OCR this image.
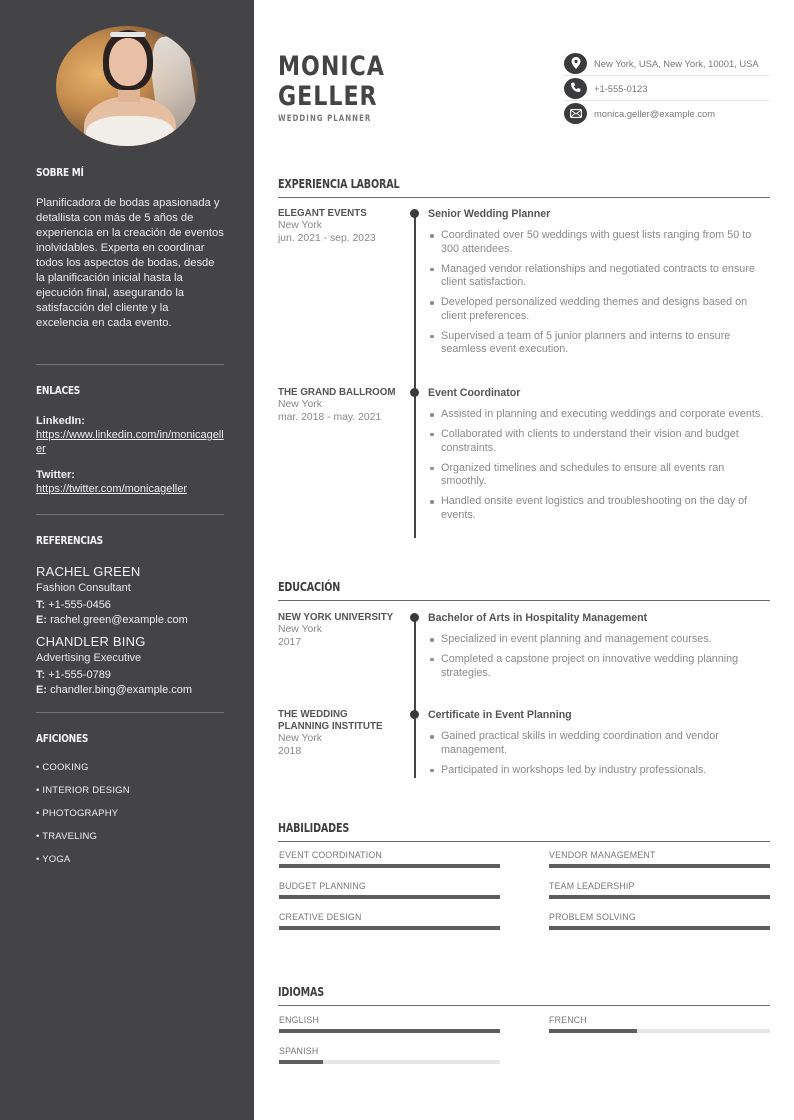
SOBRE MÍ

Planificadora de bodas apasionada y detallista con más de 5 años de experiencia en la creación de eventos inolvidables. Experta en coordinar todos los aspectos de bodas, desde la planificación inicial hasta la ejecución final, asegurando la satisfacción del cliente y la excelencia en cada evento.

ENLACES
LinkedIn:
https://www.linkedin.com/in/monicageller
Twitter:
https://twitter.com/monicageller
REFERENCIAS
RACHEL GREEN
Fashion Consultant
T: +1-555-0456
E: rachel.green@example.com
CHANDLER BING
Advertising Executive
T: +1-555-0789
E: chandler.bing@example.com
AFICIONES
• COOKING
• INTERIOR DESIGN
• PHOTOGRAPHY
• TRAVELING
• YOGA
MONICA
GELLER
WEDDING PLANNER
New York, USA, New York, 10001, USA
+1-555-0123
monica.geller@example.com
EXPERIENCIA LABORAL
ELEGANT EVENTS
New York
jun. 2021 - sep. 2023
Senior Wedding Planner
Coordinated over 50 weddings with guest lists ranging from 50 to 300 attendees.
Managed vendor relationships and negotiated contracts to ensure client satisfaction.
Developed personalized wedding themes and designs based on client preferences.
Supervised a team of 5 junior planners and interns to ensure seamless event execution.
THE GRAND BALLROOM
New York
mar. 2018 - may. 2021
Event Coordinator
Assisted in planning and executing weddings and corporate events.
Collaborated with clients to understand their vision and budget constraints.
Organized timelines and schedules to ensure all events ran smoothly.
Handled onsite event logistics and troubleshooting on the day of events.
EDUCACIÓN
NEW YORK UNIVERSITY
New York
2017
Bachelor of Arts in Hospitality Management
Specialized in event planning and management courses.
Completed a capstone project on innovative wedding planning strategies.
THE WEDDING PLANNING INSTITUTE
New York
2018
Certificate in Event Planning
Gained practical skills in wedding coordination and vendor management.
Participated in workshops led by industry professionals.
HABILIDADES
EVENT COORDINATION	VENDOR MANAGEMENT
BUDGET PLANNING	TEAM LEADERSHIP
CREATIVE DESIGN	PROBLEM SOLVING
IDIOMAS
ENGLISH	FRENCH
SPANISH
